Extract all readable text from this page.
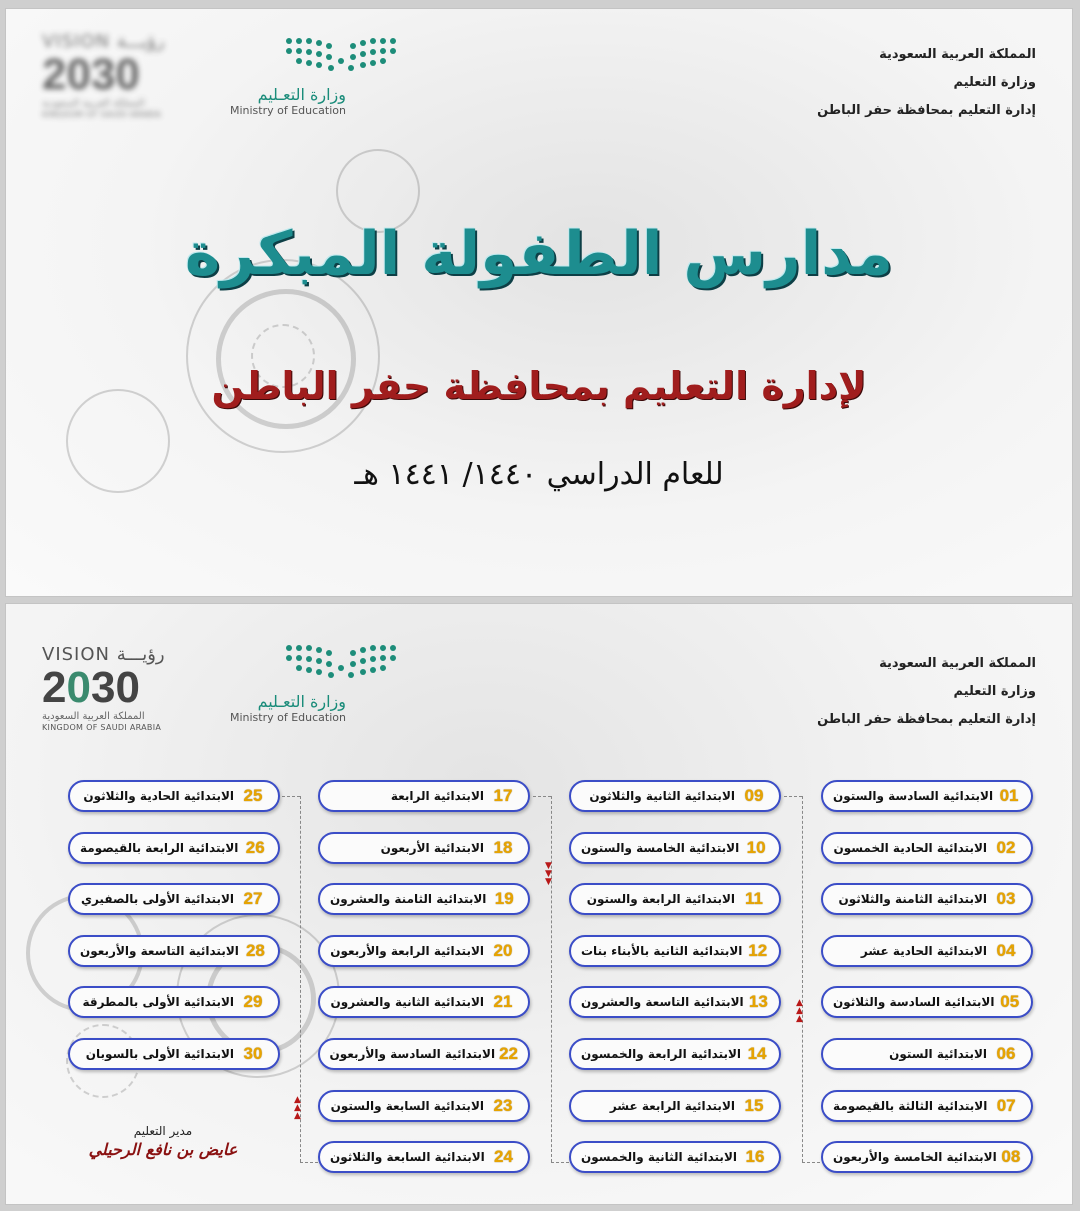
VISION رؤيـــة
2030
المملكة العربية السعودية
KINGDOM OF SAUDI ARABIA
وزارة التعـليم
Ministry of Education
المملكة العربية السعودية
وزارة التعليم
إدارة التعليم بمحافظة حفر الباطن
مدارس الطفولة المبكرة
لإدارة التعليم بمحافظة حفر الباطن
للعام الدراسي ١٤٤٠/ ١٤٤١ هـ
VISION رؤيـــة
2030
المملكة العربية السعودية
KINGDOM OF SAUDI ARABIA
وزارة التعـليم
Ministry of Education
المملكة العربية السعودية
وزارة التعليم
إدارة التعليم بمحافظة حفر الباطن
▲
▲
▲
▼
▼
▼
▲
▲
▲
01
الابتدائية السادسة والستون
02
الابتدائية الحادية الخمسون
03
الابتدائية الثامنة والثلاثون
04
الابتدائية الحادية عشر
05
الابتدائية السادسة والثلاثون
06
الابتدائية الستون
07
الابتدائية الثالثة بالقيصومة
08
الابتدائية الخامسة والأربعون
09
الابتدائية الثانية والثلاثون
10
الابتدائية الخامسة والستون
11
الابتدائية الرابعة والستون
12
الابتدائية الثانية بالأبناء بنات
13
الابتدائية التاسعة والعشرون
14
الابتدائية الرابعة والخمسون
15
الابتدائية الرابعة عشر
16
الابتدائية الثانية والخمسون
17
الابتدائية الرابعة
18
الابتدائية الأربعون
19
الابتدائية الثامنة والعشرون
20
الابتدائية الرابعة والأربعون
21
الابتدائية الثانية والعشرون
22
الابتدائية السادسة والأربعون
23
الابتدائية السابعة والستون
24
الابتدائية السابعة والثلاثون
25
الابتدائية الحادية والثلاثون
26
الابتدائية الرابعة بالقيصومة
27
الابتدائية الأولى بالصفيري
28
الابتدائية التاسعة والأربعون
29
الابتدائية الأولى بالمطرقة
30
الابتدائية الأولى بالسوبان
مدير التعليم
عايض بن نافع الرحيلي
